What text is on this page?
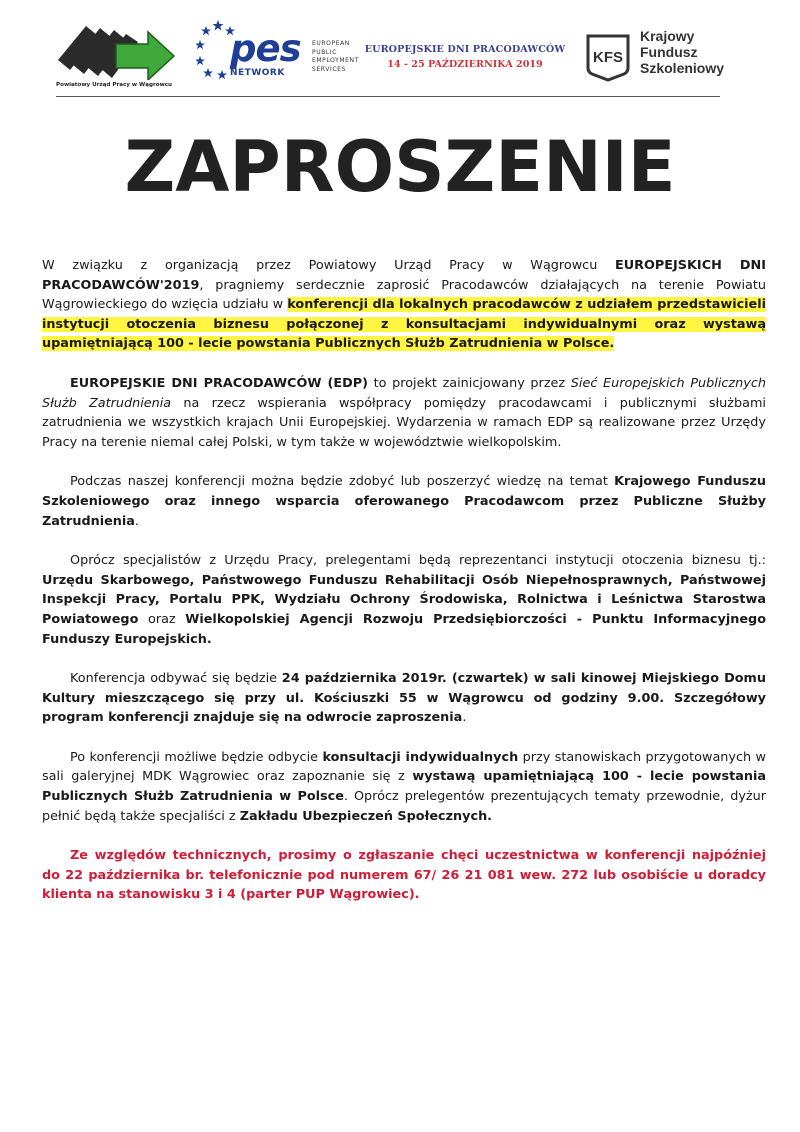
Powiatowy Urząd Pracy w Wągrowcu
pes
NETWORK
EUROPEAN
PUBLIC
EMPLOYMENT
SERVICES
EUROPEJSKIE DNI PRACODAWCÓW
14 - 25 PAŹDZIERNIKA 2019	KFS
Krajowy
Fundusz
Szkoleniowy
ZAPROSZENIE

W związku z organizacją przez Powiatowy Urząd Pracy w Wągrowcu EUROPEJSKICH DNI PRACODAWCÓW'2019, pragniemy serdecznie zaprosić Pracodawców działających na terenie Powiatu Wągrowieckiego do wzięcia udziału w konferencji dla lokalnych pracodawców z udziałem przedstawicieli instytucji otoczenia biznesu połączonej z konsultacjami indywidualnymi oraz wystawą upamiętniającą 100 - lecie powstania Publicznych Służb Zatrudnienia w Polsce.

EUROPEJSKIE DNI PRACODAWCÓW (EDP) to projekt zainicjowany przez Sieć Europejskich Publicznych Służb Zatrudnienia na rzecz wspierania współpracy pomiędzy pracodawcami i publicznymi służbami zatrudnienia we wszystkich krajach Unii Europejskiej. Wydarzenia w ramach EDP są realizowane przez Urzędy Pracy na terenie niemal całej Polski, w tym także w województwie wielkopolskim.

Podczas naszej konferencji można będzie zdobyć lub poszerzyć wiedzę na temat Krajowego Funduszu Szkoleniowego oraz innego wsparcia oferowanego Pracodawcom przez Publiczne Służby Zatrudnienia.

Oprócz specjalistów z Urzędu Pracy, prelegentami będą reprezentanci instytucji otoczenia biznesu tj.: Urzędu Skarbowego, Państwowego Funduszu Rehabilitacji Osób Niepełnosprawnych, Państwowej Inspekcji Pracy, Portalu PPK, Wydziału Ochrony Środowiska, Rolnictwa i Leśnictwa Starostwa Powiatowego oraz Wielkopolskiej Agencji Rozwoju Przedsiębiorczości - Punktu Informacyjnego Funduszy Europejskich.

Konferencja odbywać się będzie 24 października 2019r. (czwartek) w sali kinowej Miejskiego Domu Kultury mieszczącego się przy ul. Kościuszki 55 w Wągrowcu od godziny 9.00. Szczegółowy program konferencji znajduje się na odwrocie zaproszenia.

Po konferencji możliwe będzie odbycie konsultacji indywidualnych przy stanowiskach przygotowanych w sali galeryjnej MDK Wągrowiec oraz zapoznanie się z wystawą upamiętniającą 100 - lecie powstania Publicznych Służb Zatrudnienia w Polsce. Oprócz prelegentów prezentujących tematy przewodnie, dyżur pełnić będą także specjaliści z Zakładu Ubezpieczeń Społecznych.

Ze względów technicznych, prosimy o zgłaszanie chęci uczestnictwa w konferencji najpóźniej do 22 października br. telefonicznie pod numerem 67/ 26 21 081 wew. 272 lub osobiście u doradcy klienta na stanowisku 3 i 4 (parter PUP Wągrowiec).
